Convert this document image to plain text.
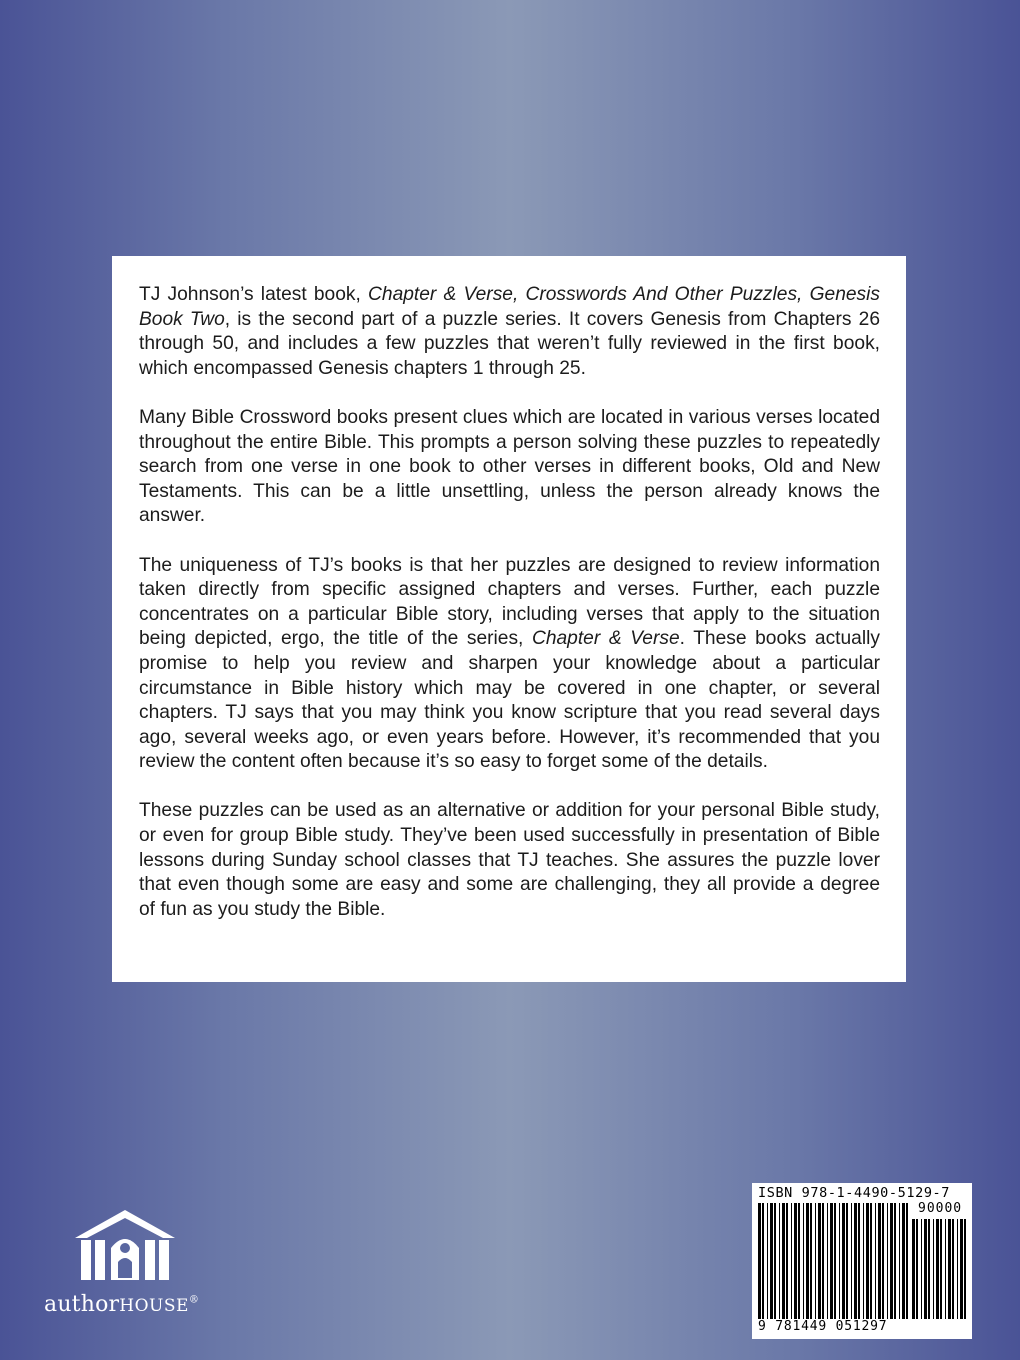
TJ Johnson’s latest book, Chapter & Verse, Crosswords And Other Puzzles, Genesis Book Two, is the second part of a puzzle series. It covers Genesis from Chapters 26 through 50, and includes a few puzzles that weren’t fully reviewed in the first book, which encompassed Genesis chapters 1 through 25.

Many Bible Crossword books present clues which are located in various verses located throughout the entire Bible. This prompts a person solving these puzzles to repeatedly search from one verse in one book to other verses in different books, Old and New Testaments. This can be a little unsettling, unless the person already knows the answer.

The uniqueness of TJ’s books is that her puzzles are designed to review information taken directly from specific assigned chapters and verses. Further, each puzzle concentrates on a particular Bible story, including verses that apply to the situation being depicted, ergo, the title of the series, Chapter & Verse. These books actually promise to help you review and sharpen your knowledge about a particular circumstance in Bible history which may be covered in one chapter, or several chapters. TJ says that you may think you know scripture that you read several days ago, several weeks ago, or even years before. However, it’s recommended that you review the content often because it’s so easy to forget some of the details.

These puzzles can be used as an alternative or addition for your personal Bible study, or even for group Bible study. They’ve been used successfully in presentation of Bible lessons during Sunday school classes that TJ teaches. She assures the puzzle lover that even though some are easy and some are challenging, they all provide a degree of fun as you study the Bible.

authorHOUSE®
ISBN 978-1-4490-5129-7
90000
9 781449 051297
